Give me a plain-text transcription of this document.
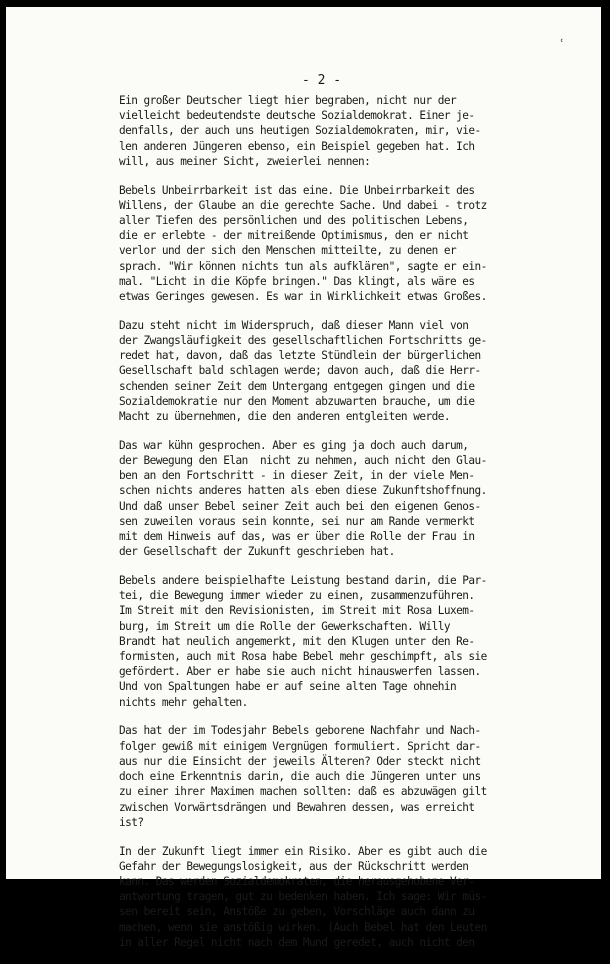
ʿ
- 2 -
Ein großer Deutscher liegt hier begraben, nicht nur der
vielleicht bedeutendste deutsche Sozialdemokrat. Einer je-
denfalls, der auch uns heutigen Sozialdemokraten, mir, vie-
len anderen Jüngeren ebenso, ein Beispiel gegeben hat. Ich
will, aus meiner Sicht, zweierlei nennen:
Bebels Unbeirrbarkeit ist das eine. Die Unbeirrbarkeit des
Willens, der Glaube an die gerechte Sache. Und dabei - trotz
aller Tiefen des persönlichen und des politischen Lebens,
die er erlebte - der mitreißende Optimismus, den er nicht
verlor und der sich den Menschen mitteilte, zu denen er
sprach. "Wir können nichts tun als aufklären", sagte er ein-
mal. "Licht in die Köpfe bringen." Das klingt, als wäre es
etwas Geringes gewesen. Es war in Wirklichkeit etwas Großes.
Dazu steht nicht im Widerspruch, daß dieser Mann viel von
der Zwangsläufigkeit des gesellschaftlichen Fortschritts ge-
redet hat, davon, daß das letzte Stündlein der bürgerlichen
Gesellschaft bald schlagen werde; davon auch, daß die Herr-
schenden seiner Zeit dem Untergang entgegen gingen und die
Sozialdemokratie nur den Moment abzuwarten brauche, um die
Macht zu übernehmen, die den anderen entgleiten werde.
Das war kühn gesprochen. Aber es ging ja doch auch darum,
der Bewegung den Elan  nicht zu nehmen, auch nicht den Glau-
ben an den Fortschritt - in dieser Zeit, in der viele Men-
schen nichts anderes hatten als eben diese Zukunftshoffnung.
Und daß unser Bebel seiner Zeit auch bei den eigenen Genos-
sen zuweilen voraus sein konnte, sei nur am Rande vermerkt
mit dem Hinweis auf das, was er über die Rolle der Frau in
der Gesellschaft der Zukunft geschrieben hat.
Bebels andere beispielhafte Leistung bestand darin, die Par-
tei, die Bewegung immer wieder zu einen, zusammenzuführen.
Im Streit mit den Revisionisten, im Streit mit Rosa Luxem-
burg, im Streit um die Rolle der Gewerkschaften. Willy
Brandt hat neulich angemerkt, mit den Klugen unter den Re-
formisten, auch mit Rosa habe Bebel mehr geschimpft, als sie
gefördert. Aber er habe sie auch nicht hinauswerfen lassen.
Und von Spaltungen habe er auf seine alten Tage ohnehin
nichts mehr gehalten.
Das hat der im Todesjahr Bebels geborene Nachfahr und Nach-
folger gewiß mit einigem Vergnügen formuliert. Spricht dar-
aus nur die Einsicht der jeweils Älteren? Oder steckt nicht
doch eine Erkenntnis darin, die auch die Jüngeren unter uns
zu einer ihrer Maximen machen sollten: daß es abzuwägen gilt
zwischen Vorwärtsdrängen und Bewahren dessen, was erreicht
ist?
In der Zukunft liegt immer ein Risiko. Aber es gibt auch die
Gefahr der Bewegungslosigkeit, aus der Rückschritt werden
kann. Das werden Sozialdemokraten, die herausgehobene Ver-
antwortung tragen, gut zu bedenken haben. Ich sage: Wir müs-
sen bereit sein, Anstöße zu geben, Vorschläge auch dann zu
machen, wenn sie anstößig wirken. (Auch Bebel hat den Leuten
in aller Regel nicht nach dem Mund geredet, auch nicht den
